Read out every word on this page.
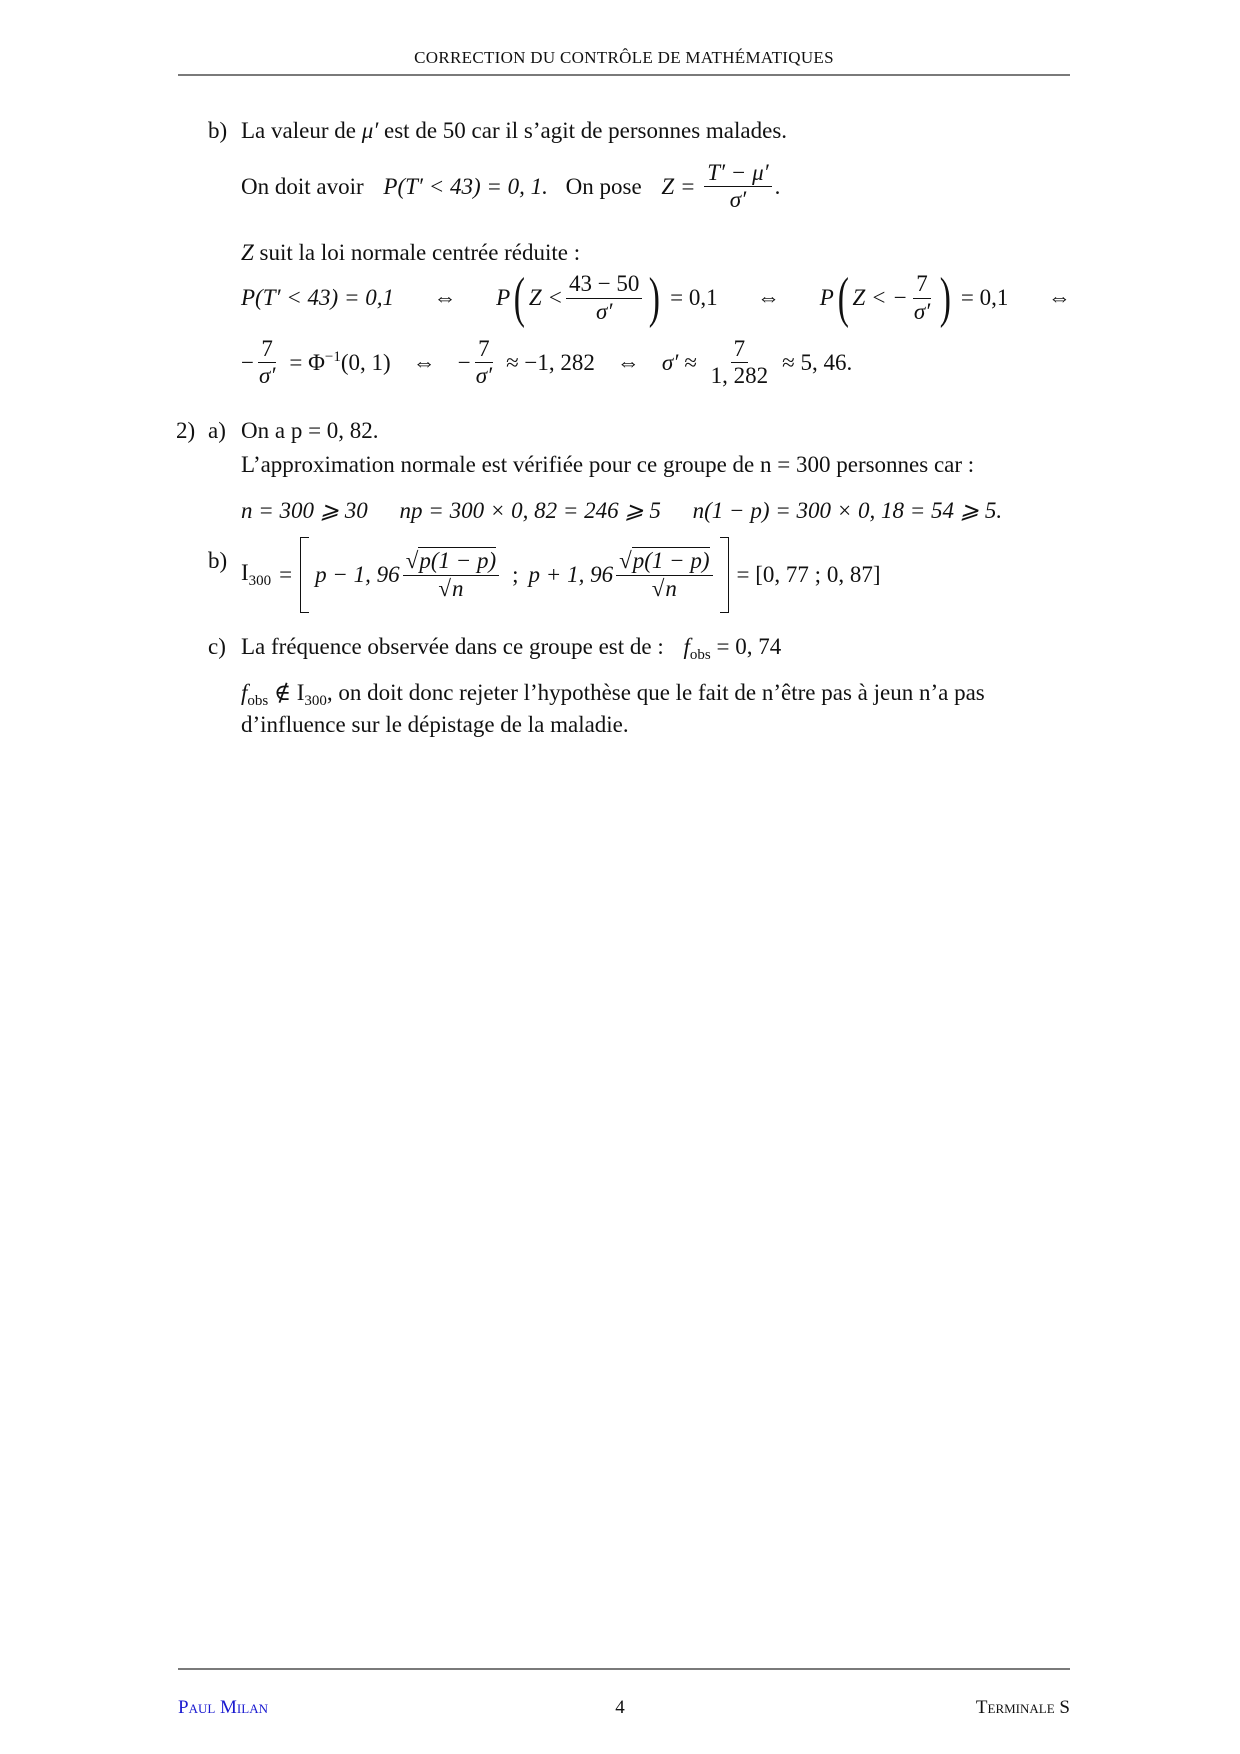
CORRECTION DU CONTRÔLE DE MATHÉMATIQUES
b) La valeur de μ′ est de 50 car il s’agit de personnes malades.
On doit avoir P(T′ < 43) = 0, 1. On pose $Z = \frac{T' - \mu'}{\sigma'}$ .
Z suit la loi normale centrée réduite :
P(T′ < 43) = 0,1 ⇔ P ( $Z < \frac{43 - 50}{\sigma'}$ ) = 0,1 ⇔ P ( Z < − $\frac{7}{\sigma'}$ ) = 0,1 ⇔
− $\frac{7}{\sigma'} = \Phi^{-1}(0$, 1) ⇔ − $\frac{7}{\sigma'} \approx -1$, 282 ⇔ $\sigma' \approx \frac{7}{1, 282} \approx 5$, 46.
2) a) On a p = 0, 82.
L’approximation normale est vérifiée pour ce groupe de n = 300 personnes car :
n = 300 ⩾ 30 np = 300 × 0, 82 = 246 ⩾ 5 n(1 − p) = 300 × 0, 18 = 54 ⩾ 5.
b) $I_{300} = p - 1$, $96 \frac{√p(1 - p)}{√n}$ ; p + 1, $96 \frac{√p(1 - p)}{√n} = [0$, 77 ; 0, 87]
c) La fréquence observée dans ce groupe est de : $f_{obs} = 0$, 74
$f_{obs}$ ∉ $I_{300}$, on doit donc rejeter l’hypothèse que le fait de n’être pas à jeun n’a pas
d’influence sur le dépistage de la maladie.
Paul Milan	4	Terminale S
